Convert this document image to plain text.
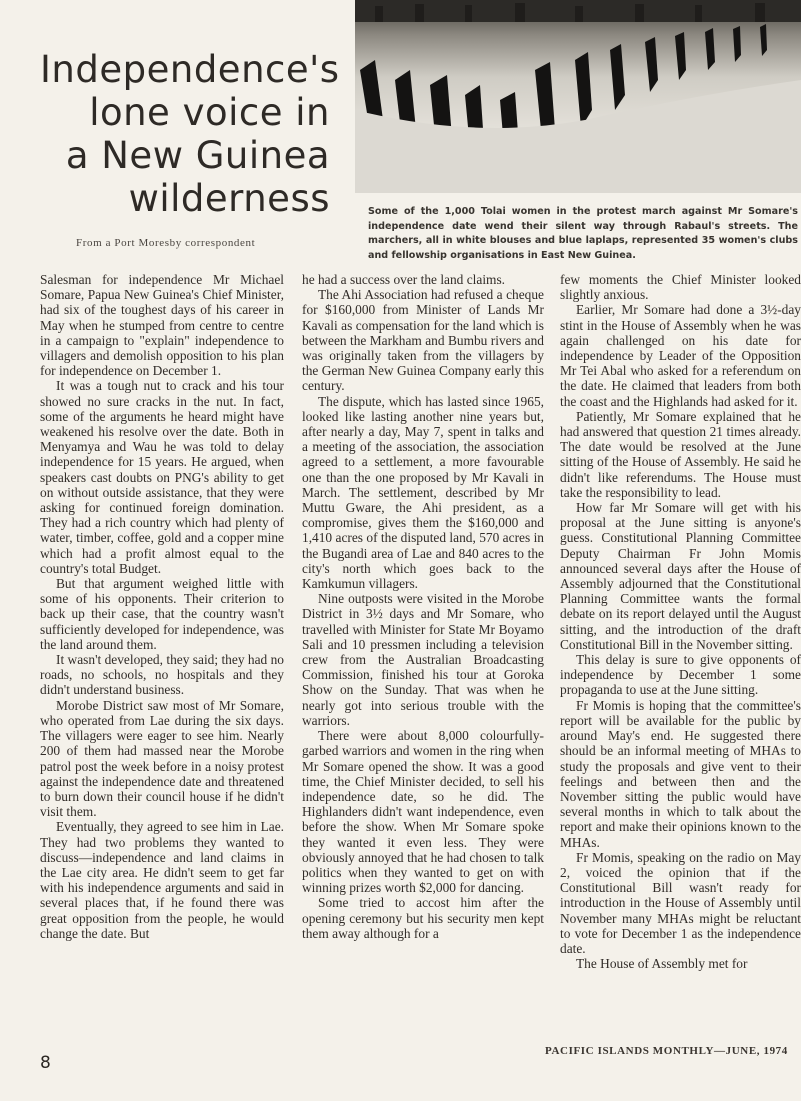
Independence's
lone voice in
a New Guinea
wilderness
From a Port Moresby correspondent
Some of the 1,000 Tolai women in the protest march against Mr Somare's independence date wend their silent way through Rabaul's streets. The marchers, all in white blouses and blue laplaps, represented 35 women's clubs and fellowship organisations in East New Guinea.

Salesman for independence Mr Michael Somare, Papua New Guinea's Chief Minister, had six of the toughest days of his career in May when he stumped from centre to centre in a campaign to "explain" independence to villagers and demolish opposition to his plan for independence on December 1.

It was a tough nut to crack and his tour showed no sure cracks in the nut. In fact, some of the arguments he heard might have weakened his resolve over the date. Both in Menyamya and Wau he was told to delay independence for 15 years. He argued, when speakers cast doubts on PNG's ability to get on without outside assistance, that they were asking for continued foreign domination. They had a rich country which had plenty of water, timber, coffee, gold and a copper mine which had a profit almost equal to the country's total Budget.

But that argument weighed little with some of his opponents. Their criterion to back up their case, that the country wasn't sufficiently developed for independence, was the land around them.

It wasn't developed, they said; they had no roads, no schools, no hospitals and they didn't understand business.

Morobe District saw most of Mr Somare, who operated from Lae during the six days. The villagers were eager to see him. Nearly 200 of them had massed near the Morobe patrol post the week before in a noisy protest against the independence date and threatened to burn down their council house if he didn't visit them.

Eventually, they agreed to see him in Lae. They had two problems they wanted to discuss—independence and land claims in the Lae city area. He didn't seem to get far with his independence arguments and said in several places that, if he found there was great opposition from the people, he would change the date. But

he had a success over the land claims.

The Ahi Association had refused a cheque for $160,000 from Minister of Lands Mr Kavali as compensation for the land which is between the Markham and Bumbu rivers and was originally taken from the villagers by the German New Guinea Company early this century.

The dispute, which has lasted since 1965, looked like lasting another nine years but, after nearly a day, May 7, spent in talks and a meeting of the association, the association agreed to a settlement, a more favourable one than the one proposed by Mr Kavali in March. The settlement, described by Mr Muttu Gware, the Ahi president, as a compromise, gives them the $160,000 and 1,410 acres of the disputed land, 570 acres in the Bugandi area of Lae and 840 acres to the city's north which goes back to the Kamkumun villagers.

Nine outposts were visited in the Morobe District in 3½ days and Mr Somare, who travelled with Minister for State Mr Boyamo Sali and 10 pressmen including a television crew from the Australian Broadcasting Commission, finished his tour at Goroka Show on the Sunday. That was when he nearly got into serious trouble with the warriors.

There were about 8,000 colourfully-garbed warriors and women in the ring when Mr Somare opened the show. It was a good time, the Chief Minister decided, to sell his independence date, so he did. The Highlanders didn't want independence, even before the show. When Mr Somare spoke they wanted it even less. They were obviously annoyed that he had chosen to talk politics when they wanted to get on with winning prizes worth $2,000 for dancing.

Some tried to accost him after the opening ceremony but his security men kept them away although for a

few moments the Chief Minister looked slightly anxious.

Earlier, Mr Somare had done a 3½-day stint in the House of Assembly when he was again challenged on his date for independence by Leader of the Opposition Mr Tei Abal who asked for a referendum on the date. He claimed that leaders from both the coast and the Highlands had asked for it.

Patiently, Mr Somare explained that he had answered that question 21 times already. The date would be resolved at the June sitting of the House of Assembly. He said he didn't like referendums. The House must take the responsibility to lead.

How far Mr Somare will get with his proposal at the June sitting is anyone's guess. Constitutional Planning Committee Deputy Chairman Fr John Momis announced several days after the House of Assembly adjourned that the Constitutional Planning Committee wants the formal debate on its report delayed until the August sitting, and the introduction of the draft Constitutional Bill in the November sitting.

This delay is sure to give opponents of independence by December 1 some propaganda to use at the June sitting.

Fr Momis is hoping that the committee's report will be available for the public by around May's end. He suggested there should be an informal meeting of MHAs to study the proposals and give vent to their feelings and between then and the November sitting the public would have several months in which to talk about the report and make their opinions known to the MHAs.

Fr Momis, speaking on the radio on May 2, voiced the opinion that if the Constitutional Bill wasn't ready for introduction in the House of Assembly until November many MHAs might be reluctant to vote for December 1 as the independence date.

The House of Assembly met for

8
PACIFIC ISLANDS MONTHLY—JUNE, 1974
